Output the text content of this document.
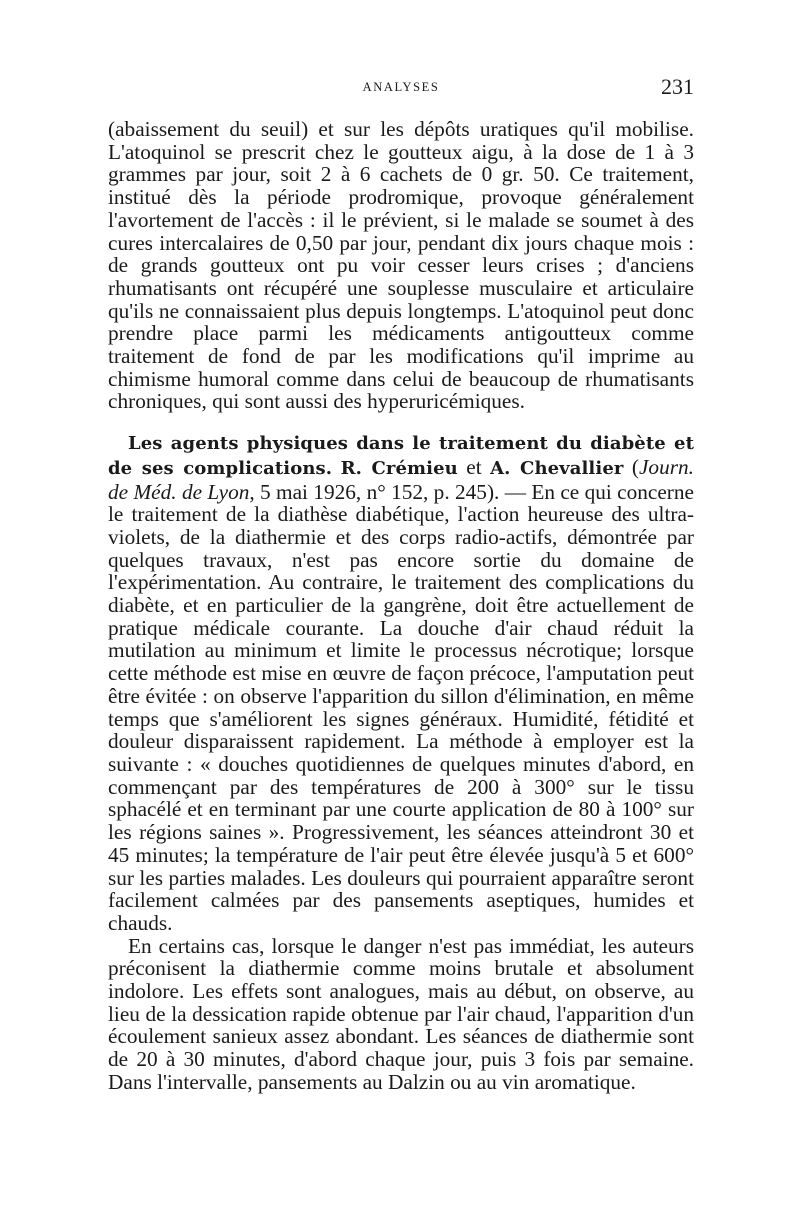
ANALYSES	231

(abaissement du seuil) et sur les dépôts uratiques qu'il mobilise. L'atoquinol se prescrit chez le goutteux aigu, à la dose de 1 à 3 grammes par jour, soit 2 à 6 cachets de 0 gr. 50. Ce traitement, institué dès la période prodromique, provoque généralement l'avortement de l'accès : il le prévient, si le malade se soumet à des cures intercalaires de 0,50 par jour, pendant dix jours chaque mois : de grands goutteux ont pu voir cesser leurs crises ; d'anciens rhumatisants ont récupéré une souplesse musculaire et articulaire qu'ils ne connaissaient plus depuis longtemps. L'atoquinol peut donc prendre place parmi les médicaments antigoutteux comme traitement de fond de par les modifications qu'il imprime au chimisme humoral comme dans celui de beaucoup de rhumatisants chroniques, qui sont aussi des hyperuricémiques.

Les agents physiques dans le traitement du diabète et de ses complications. R. Crémieu et A. Chevallier (Journ. de Méd. de Lyon, 5 mai 1926, n° 152, p. 245). — En ce qui concerne le traitement de la diathèse diabétique, l'action heureuse des ultra-violets, de la diathermie et des corps radio-actifs, démontrée par quelques travaux, n'est pas encore sortie du domaine de l'expérimentation. Au contraire, le traitement des complications du diabète, et en particulier de la gangrène, doit être actuellement de pratique médicale courante. La douche d'air chaud réduit la mutilation au minimum et limite le processus nécrotique; lorsque cette méthode est mise en œuvre de façon précoce, l'amputation peut être évitée : on observe l'apparition du sillon d'élimination, en même temps que s'améliorent les signes généraux. Humidité, fétidité et douleur disparaissent rapidement. La méthode à employer est la suivante : « douches quotidiennes de quelques minutes d'abord, en commençant par des températures de 200 à 300° sur le tissu sphacélé et en terminant par une courte application de 80 à 100° sur les régions saines ». Progressivement, les séances atteindront 30 et 45 minutes; la température de l'air peut être élevée jusqu'à 5 et 600° sur les parties malades. Les douleurs qui pourraient apparaître seront facilement calmées par des pansements aseptiques, humides et chauds.

En certains cas, lorsque le danger n'est pas immédiat, les auteurs préconisent la diathermie comme moins brutale et absolument indolore. Les effets sont analogues, mais au début, on observe, au lieu de la dessication rapide obtenue par l'air chaud, l'apparition d'un écoulement sanieux assez abondant. Les séances de diathermie sont de 20 à 30 minutes, d'abord chaque jour, puis 3 fois par semaine. Dans l'intervalle, pansements au Dalzin ou au vin aromatique.
